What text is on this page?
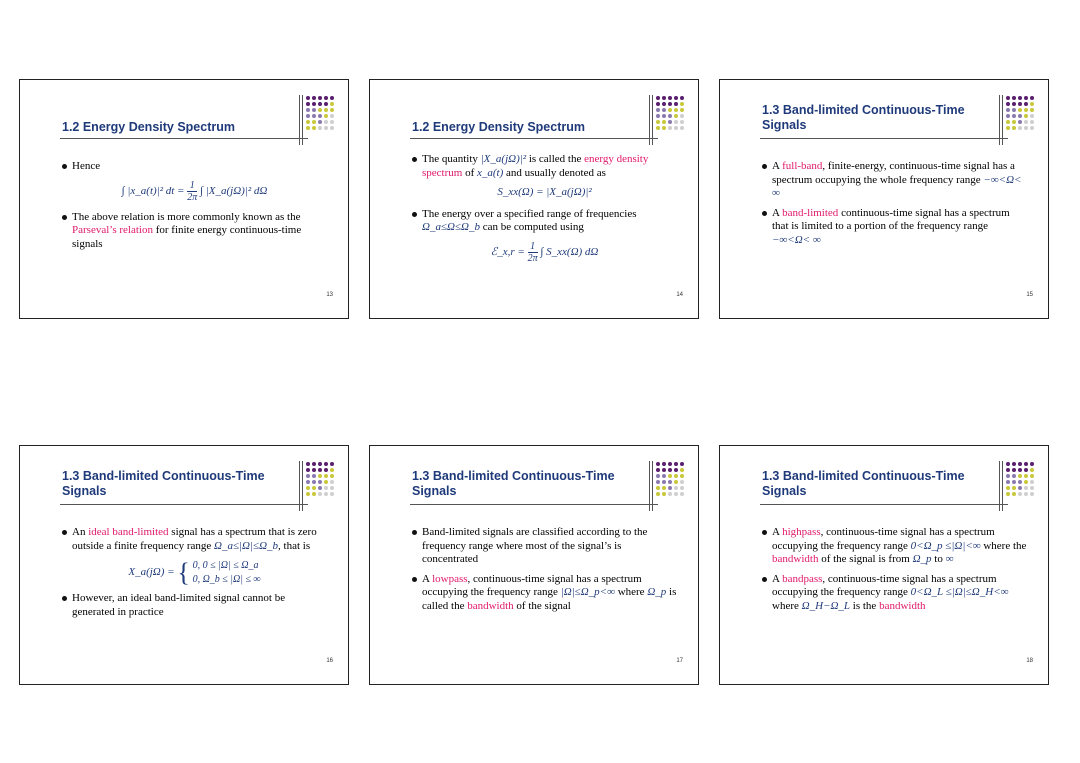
1.2 Energy Density Spectrum
Hence
∫ |x_a(t)|² dt = $\frac{1}{2\pi}$ ∫ |X_a(jΩ)|² dΩ
The above relation is more commonly known as the Parseval’s relation for finite energy continuous-time signals
13
1.2 Energy Density Spectrum
The quantity |X_a(jΩ)|² is called the energy density spectrum of x_a(t) and usually denoted as
S_xx(Ω) = |X_a(jΩ)|²
The energy over a specified range of frequencies Ω_a≤Ω≤Ω_b can be computed using
ℰ_x,r = $\frac{1}{2\pi}$ ∫ S_xx(Ω) dΩ
14
1.3 Band-limited Continuous-Time Signals
A full-band, finite-energy, continuous-time signal has a spectrum occupying the whole frequency range −∞<Ω< ∞
A band-limited continuous-time signal has a spectrum that is limited to a portion of the frequency range −∞<Ω< ∞
15
1.3 Band-limited Continuous-Time Signals
An ideal band-limited signal has a spectrum that is zero outside a finite frequency range Ω_a≤|Ω|≤Ω_b, that is
X_a(jΩ) = { 0, 0 ≤ |Ω| ≤ Ω_a
0, Ω_b ≤ |Ω| ≤ ∞
However, an ideal band-limited signal cannot be generated in practice
16
1.3 Band-limited Continuous-Time Signals
Band-limited signals are classified according to the frequency range where most of the signal’s is concentrated
A lowpass, continuous-time signal has a spectrum occupying the frequency range |Ω|≤Ω_p<∞ where Ω_p is called the bandwidth of the signal
17
1.3 Band-limited Continuous-Time Signals
A highpass, continuous-time signal has a spectrum occupying the frequency range 0<Ω_p ≤|Ω|<∞ where the bandwidth of the signal is from Ω_p to ∞
A bandpass, continuous-time signal has a spectrum occupying the frequency range 0<Ω_L ≤|Ω|≤Ω_H<∞ where Ω_H−Ω_L is the bandwidth
18
